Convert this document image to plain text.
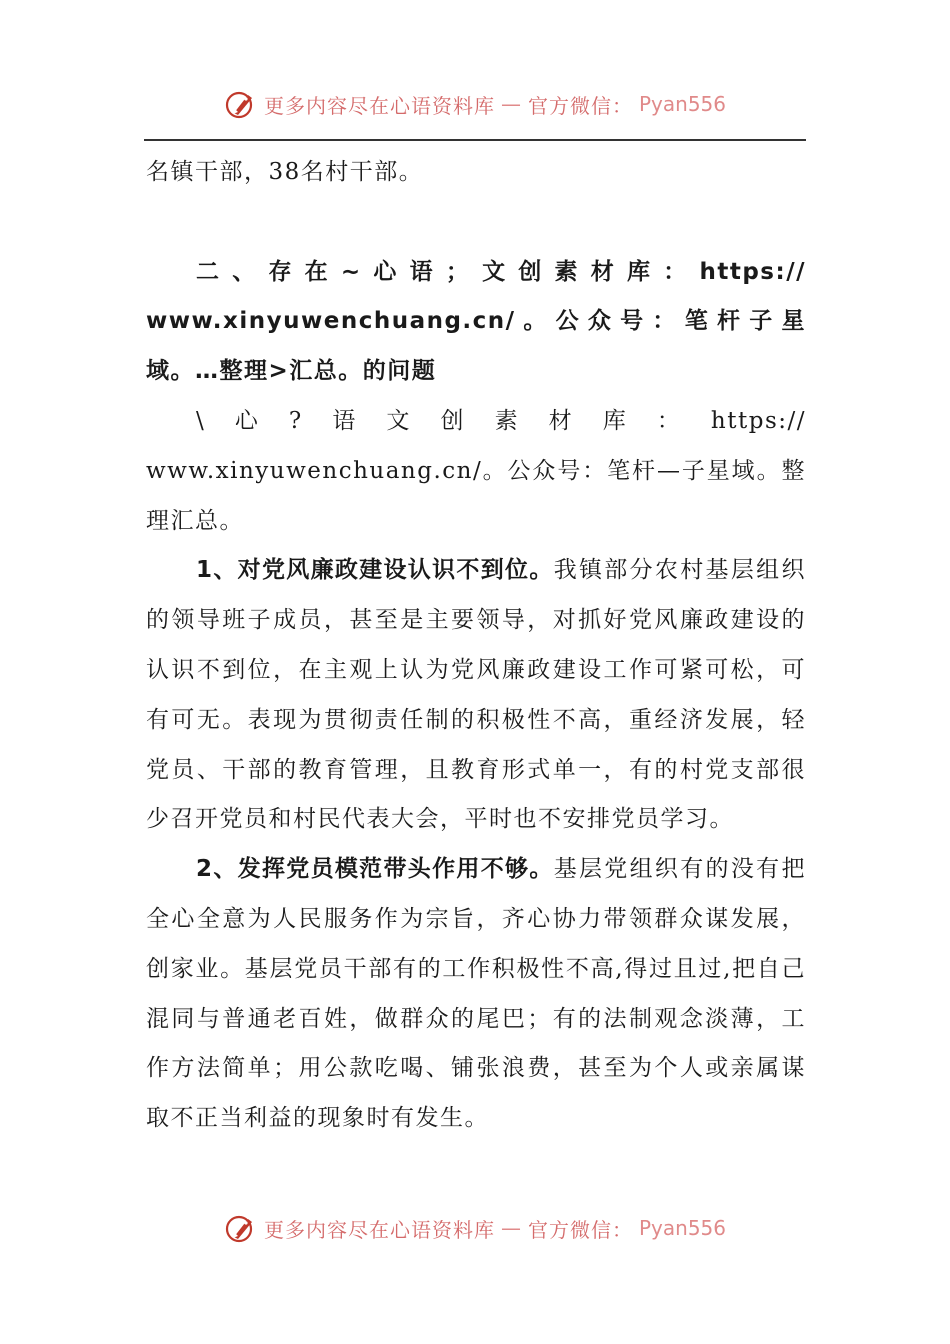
更多内容尽在心语资料库 — 官方微信： Pyan556

名镇干部，38名村干部。

二、存在~心语；文创素材库：https://

www.xinyuwenchuang.cn/。公众号：笔杆子星域。…整理>汇总。的问题

\心?语文创素材库：https://

www.xinyuwenchuang.cn/。公众号：笔杆—子星域。整理汇总。

1、对党风廉政建设认识不到位。我镇部分农村基层组织的领导班子成员，甚至是主要领导，对抓好党风廉政建设的认识不到位，在主观上认为党风廉政建设工作可紧可松，可有可无。表现为贯彻责任制的积极性不高，重经济发展，轻党员、干部的教育管理，且教育形式单一，有的村党支部很少召开党员和村民代表大会，平时也不安排党员学习。

2、发挥党员模范带头作用不够。基层党组织有的没有把全心全意为人民服务作为宗旨，齐心协力带领群众谋发展，创家业。基层党员干部有的工作积极性不高,得过且过,把自己混同与普通老百姓，做群众的尾巴；有的法制观念淡薄，工作方法简单；用公款吃喝、铺张浪费，甚至为个人或亲属谋取不正当利益的现象时有发生。

更多内容尽在心语资料库 — 官方微信： Pyan556
